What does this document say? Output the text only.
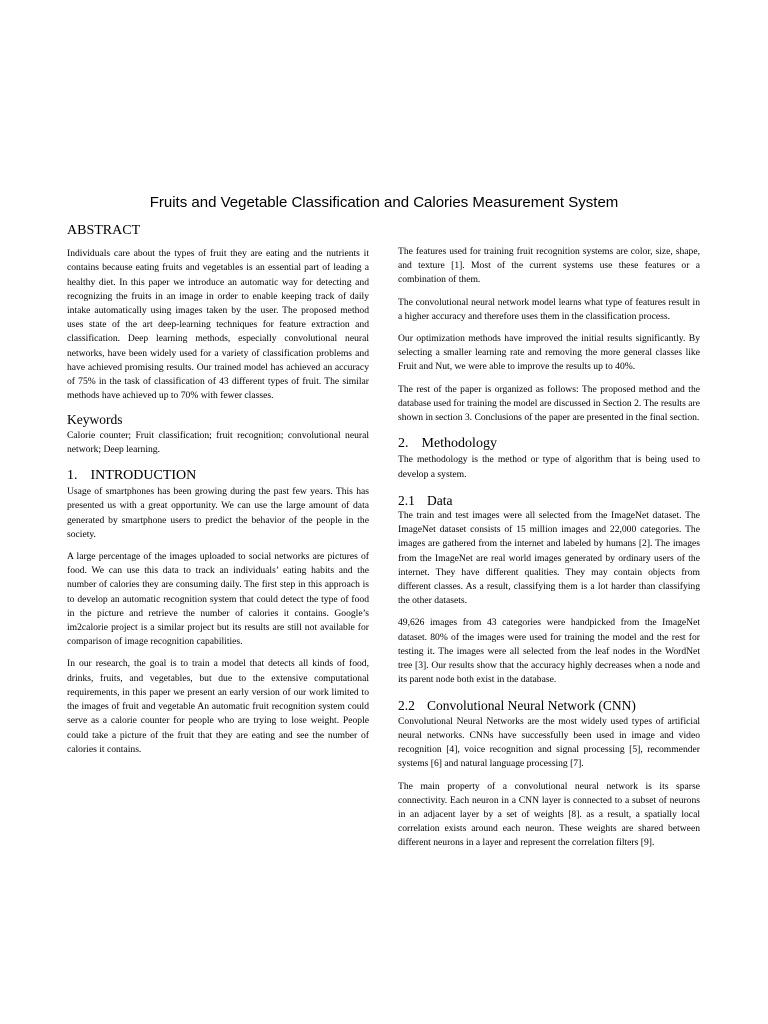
Fruits and Vegetable Classification and Calories Measurement System
ABSTRACT

Individuals care about the types of fruit they are eating and the nutrients it contains because eating fruits and vegetables is an essential part of leading a healthy diet. In this paper we introduce an automatic way for detecting and recognizing the fruits in an image in order to enable keeping track of daily intake automatically using images taken by the user. The proposed method uses state of the art deep-learning techniques for feature extraction and classification. Deep learning methods, especially convolutional neural networks, have been widely used for a variety of classification problems and have achieved promising results. Our trained model has achieved an accuracy of 75% in the task of classification of 43 different types of fruit. The similar methods have achieved up to 70% with fewer classes.

Keywords

Calorie counter; Fruit classification; fruit recognition; convolutional neural network; Deep learning.

1. INTRODUCTION

Usage of smartphones has been growing during the past few years. This has presented us with a great opportunity. We can use the large amount of data generated by smartphone users to predict the behavior of the people in the society.

A large percentage of the images uploaded to social networks are pictures of food. We can use this data to track an individuals’ eating habits and the number of calories they are consuming daily. The first step in this approach is to develop an automatic recognition system that could detect the type of food in the picture and retrieve the number of calories it contains. Google’s im2calorie project is a similar project but its results are still not available for comparison of image recognition capabilities.

In our research, the goal is to train a model that detects all kinds of food, drinks, fruits, and vegetables, but due to the extensive computational requirements, in this paper we present an early version of our work limited to the images of fruit and vegetable An automatic fruit recognition system could serve as a calorie counter for people who are trying to lose weight. People could take a picture of the fruit that they are eating and see the number of calories it contains.

The features used for training fruit recognition systems are color, size, shape, and texture [1]. Most of the current systems use these features or a combination of them.

The convolutional neural network model learns what type of features result in a higher accuracy and therefore uses them in the classification process.

Our optimization methods have improved the initial results significantly. By selecting a smaller learning rate and removing the more general classes like Fruit and Nut, we were able to improve the results up to 40%.

The rest of the paper is organized as follows: The proposed method and the database used for training the model are discussed in Section 2. The results are shown in section 3. Conclusions of the paper are presented in the final section.

2. Methodology

The methodology is the method or type of algorithm that is being used to develop a system.

2.1 Data

The train and test images were all selected from the ImageNet dataset. The ImageNet dataset consists of 15 million images and 22,000 categories. The images are gathered from the internet and labeled by humans [2]. The images from the ImageNet are real world images generated by ordinary users of the internet. They have different qualities. They may contain objects from different classes. As a result, classifying them is a lot harder than classifying the other datasets.

49,626 images from 43 categories were handpicked from the ImageNet dataset. 80% of the images were used for training the model and the rest for testing it. The images were all selected from the leaf nodes in the WordNet tree [3]. Our results show that the accuracy highly decreases when a node and its parent node both exist in the database.

2.2 Convolutional Neural Network (CNN)

Convolutional Neural Networks are the most widely used types of artificial neural networks. CNNs have successfully been used in image and video recognition [4], voice recognition and signal processing [5], recommender systems [6] and natural language processing [7].

The main property of a convolutional neural network is its sparse connectivity. Each neuron in a CNN layer is connected to a subset of neurons in an adjacent layer by a set of weights [8]. as a result, a spatially local correlation exists around each neuron. These weights are shared between different neurons in a layer and represent the correlation filters [9].
